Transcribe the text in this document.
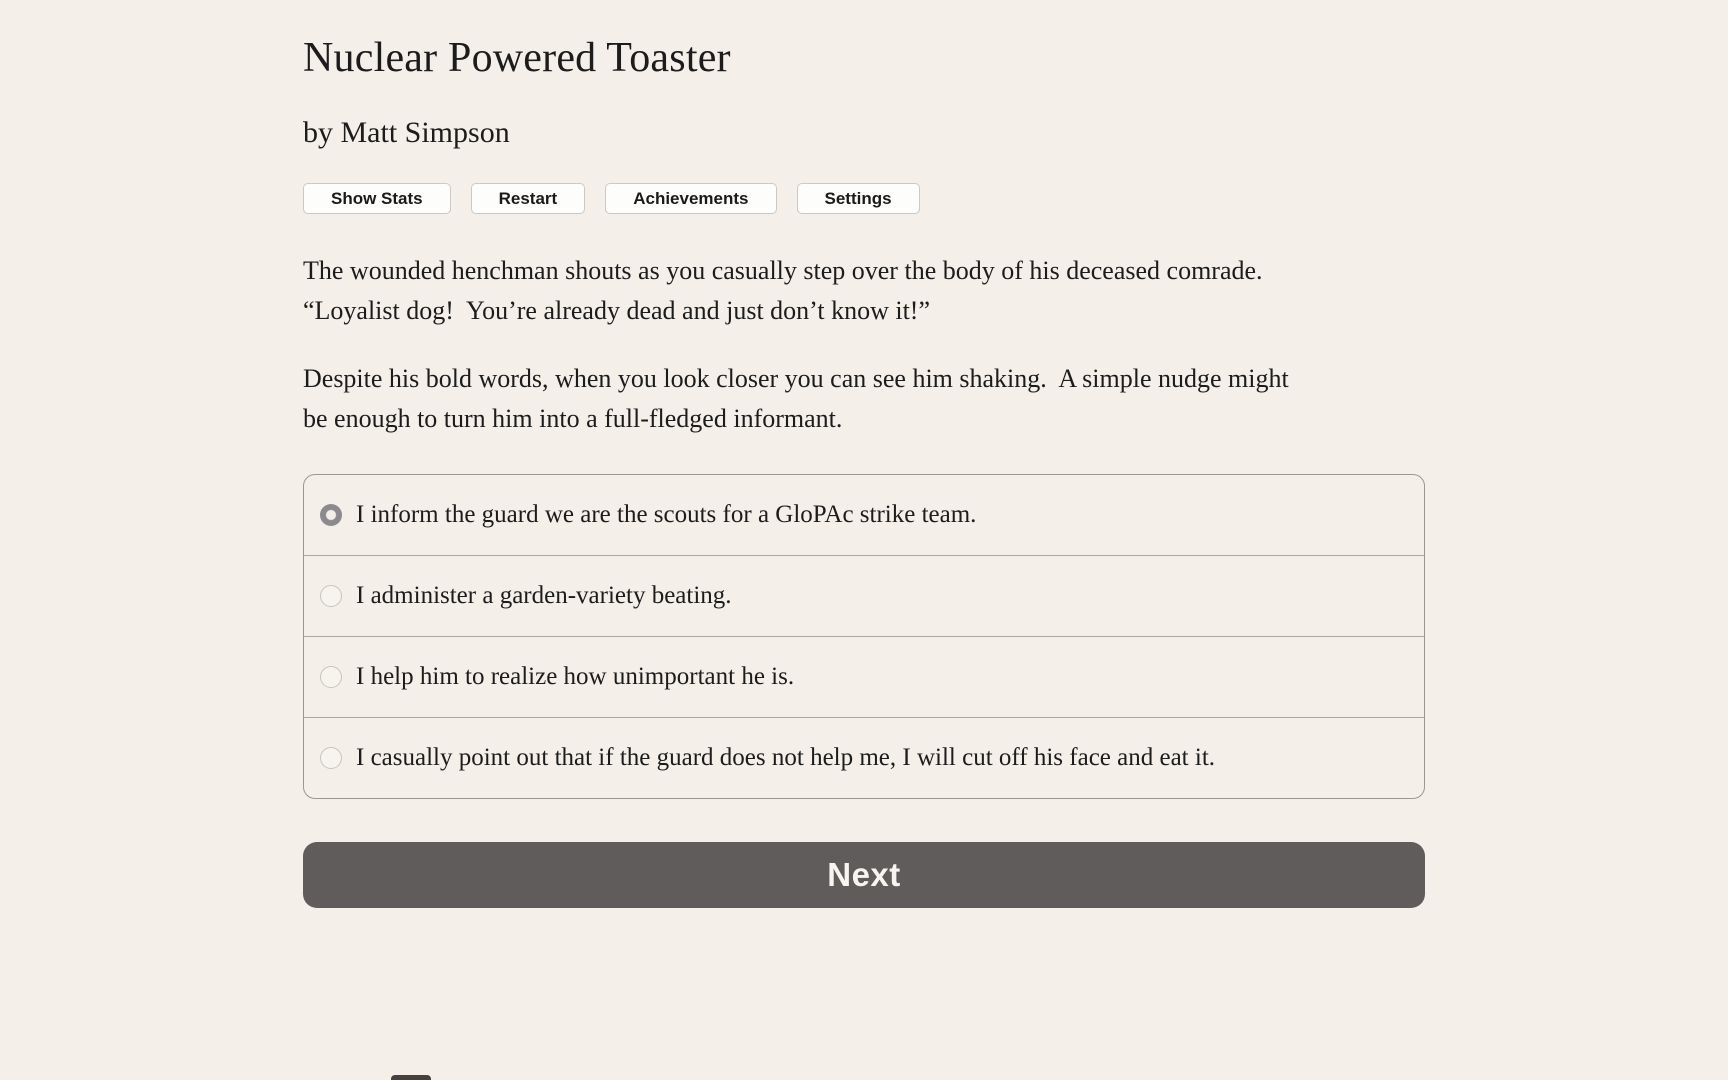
Nuclear Powered Toaster
by Matt Simpson
Show Stats	Restart	Achievements	Settings

The wounded henchman shouts as you casually step over the body of his deceased comrade.
“Loyalist dog!  You’re already dead and just don’t know it!”

Despite his bold words, when you look closer you can see him shaking.  A simple nudge might
be enough to turn him into a full-fledged informant.

I inform the guard we are the scouts for a GloPAc strike team.
I administer a garden-variety beating.
I help him to realize how unimportant he is.
I casually point out that if the guard does not help me, I will cut off his face and eat it.
Next
